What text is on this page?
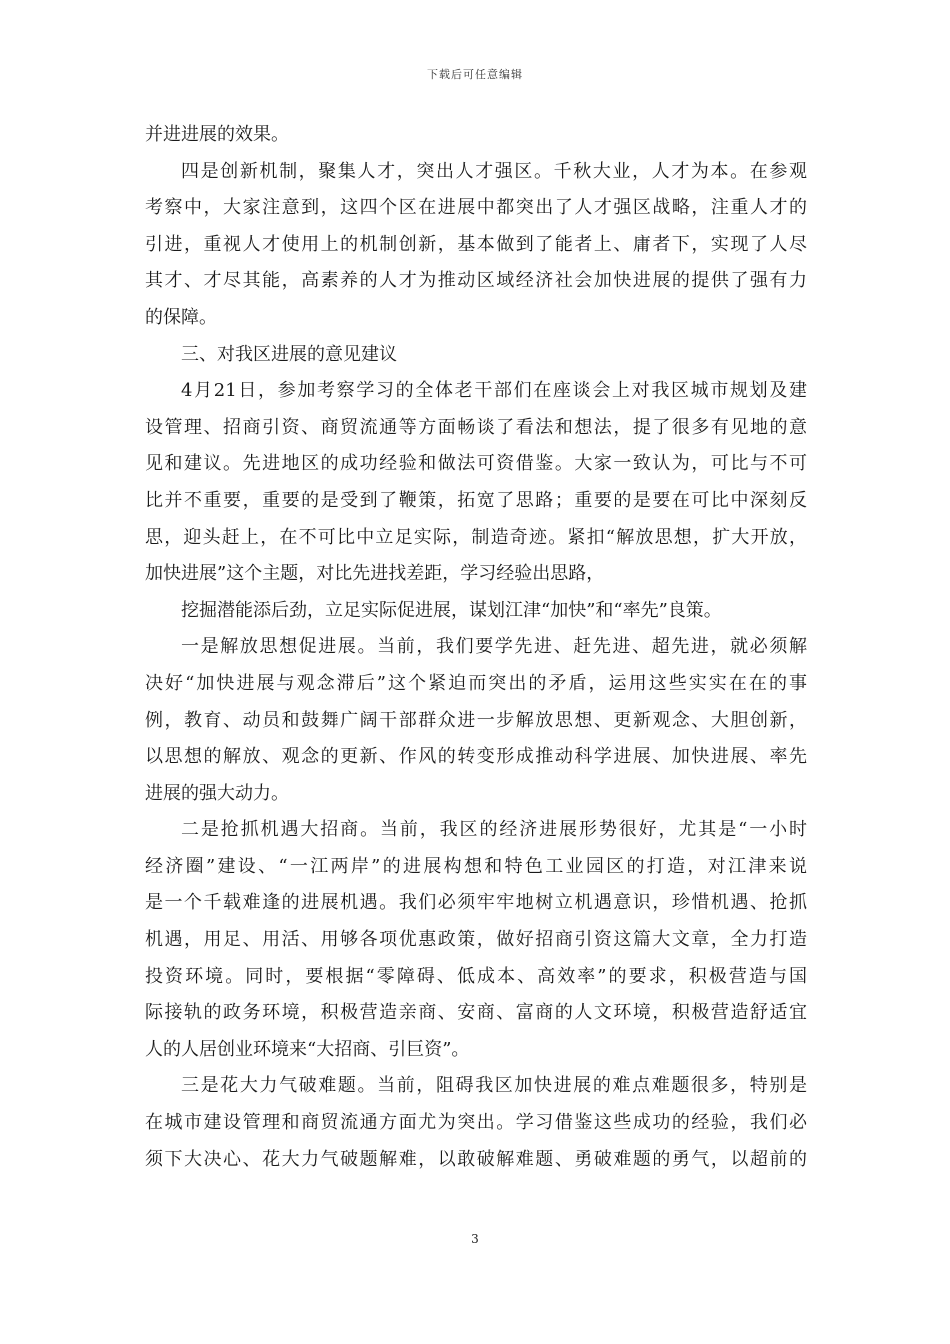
下载后可任意编辑
并进进展的效果。
四是创新机制，聚集人才，突出人才强区。千秋大业，人才为本。在参观
考察中，大家注意到，这四个区在进展中都突出了人才强区战略，注重人才的
引进，重视人才使用上的机制创新，基本做到了能者上、庸者下，实现了人尽
其才、才尽其能，高素养的人才为推动区域经济社会加快进展的提供了强有力
的保障。
三、对我区进展的意见建议
4月21日，参加考察学习的全体老干部们在座谈会上对我区城市规划及建
设管理、招商引资、商贸流通等方面畅谈了看法和想法，提了很多有见地的意
见和建议。先进地区的成功经验和做法可资借鉴。大家一致认为，可比与不可
比并不重要，重要的是受到了鞭策，拓宽了思路；重要的是要在可比中深刻反
思，迎头赶上，在不可比中立足实际，制造奇迹。紧扣“解放思想，扩大开放，
加快进展”这个主题，对比先进找差距，学习经验出思路，
挖掘潜能添后劲，立足实际促进展，谋划江津“加快”和“率先”良策。
一是解放思想促进展。当前，我们要学先进、赶先进、超先进，就必须解
决好“加快进展与观念滞后”这个紧迫而突出的矛盾，运用这些实实在在的事
例，教育、动员和鼓舞广阔干部群众进一步解放思想、更新观念、大胆创新，
以思想的解放、观念的更新、作风的转变形成推动科学进展、加快进展、率先
进展的强大动力。
二是抢抓机遇大招商。当前，我区的经济进展形势很好，尤其是“一小时
经济圈”建设、“一江两岸”的进展构想和特色工业园区的打造，对江津来说
是一个千载难逢的进展机遇。我们必须牢牢地树立机遇意识，珍惜机遇、抢抓
机遇，用足、用活、用够各项优惠政策，做好招商引资这篇大文章，全力打造
投资环境。同时，要根据“零障碍、低成本、高效率”的要求，积极营造与国
际接轨的政务环境，积极营造亲商、安商、富商的人文环境，积极营造舒适宜
人的人居创业环境来“大招商、引巨资”。
三是花大力气破难题。当前，阻碍我区加快进展的难点难题很多，特别是
在城市建设管理和商贸流通方面尤为突出。学习借鉴这些成功的经验，我们必
须下大决心、花大力气破题解难，以敢破解难题、勇破难题的勇气，以超前的
3
